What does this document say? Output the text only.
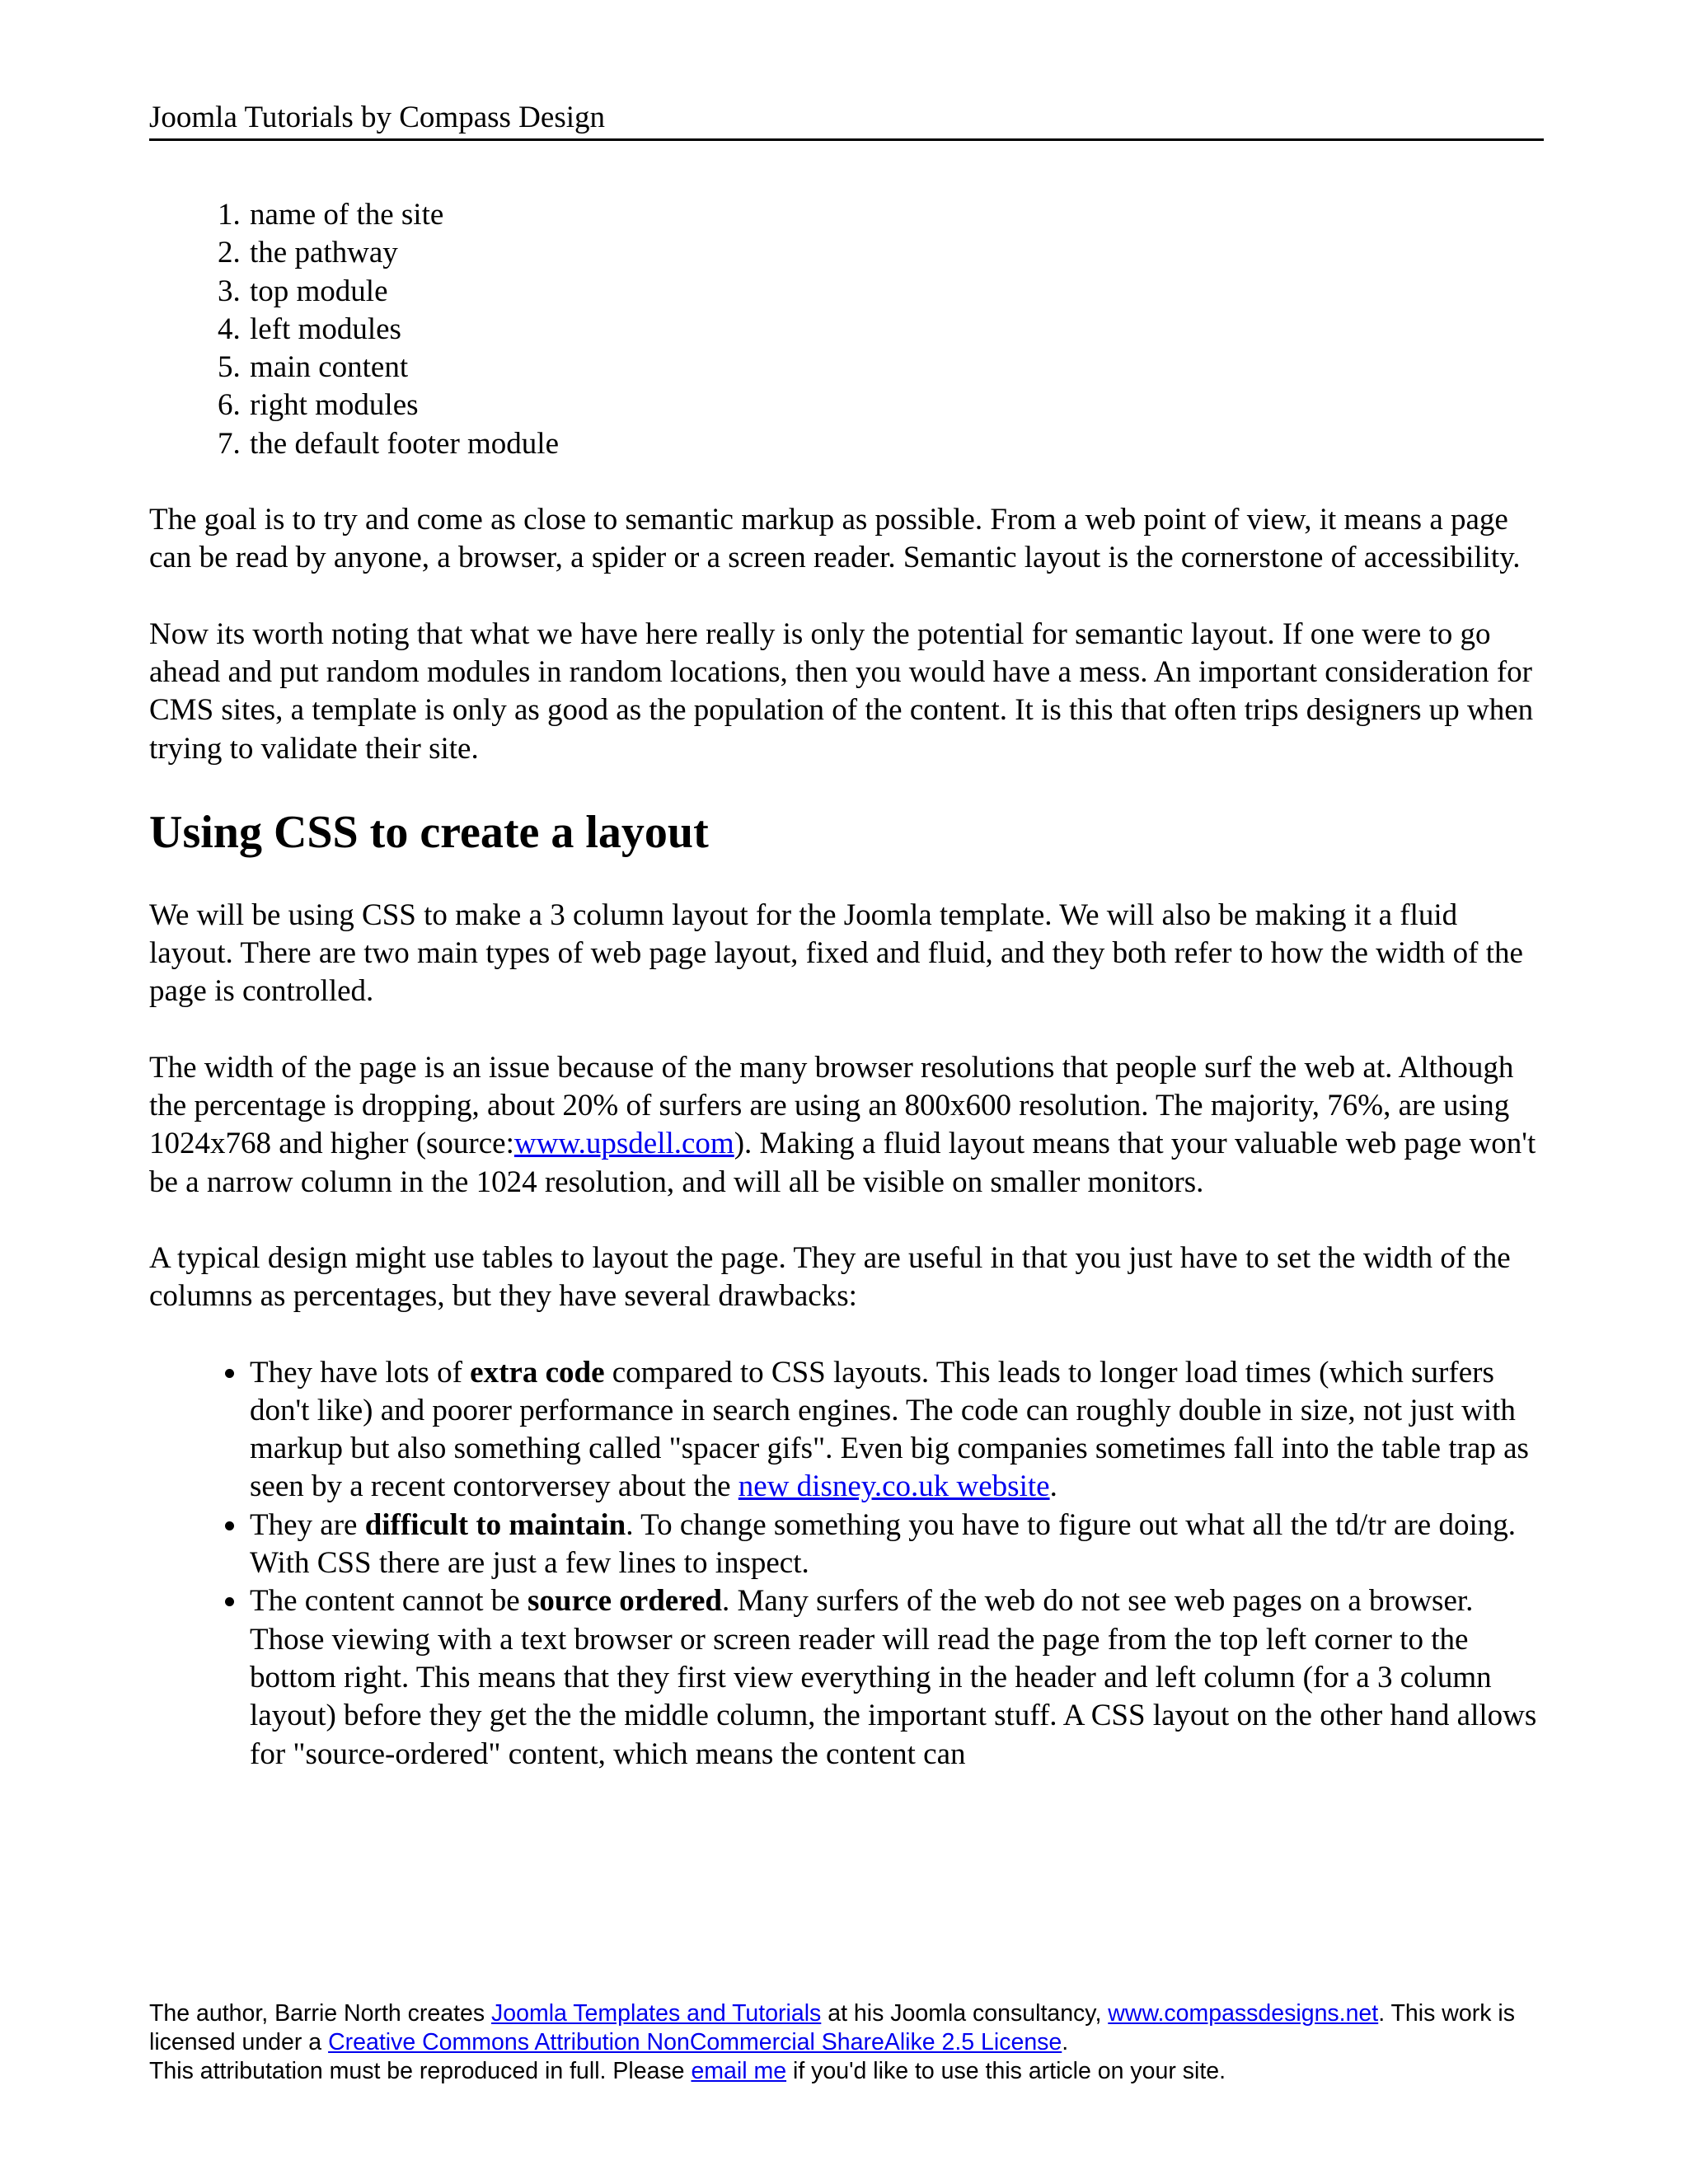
Joomla Tutorials by Compass Design
1. name of the site
2. the pathway
3. top module
4. left modules
5. main content
6. right modules
7. the default footer module

The goal is to try and come as close to semantic markup as possible. From a web point of view, it means a page can be read by anyone, a browser, a spider or a screen reader. Semantic layout is the cornerstone of accessibility.

Now its worth noting that what we have here really is only the potential for semantic layout. If one were to go ahead and put random modules in random locations, then you would have a mess. An important consideration for CMS sites, a template is only as good as the population of the content. It is this that often trips designers up when trying to validate their site.

Using CSS to create a layout

We will be using CSS to make a 3 column layout for the Joomla template. We will also be making it a fluid layout. There are two main types of web page layout, fixed and fluid, and they both refer to how the width of the page is controlled.

The width of the page is an issue because of the many browser resolutions that people surf the web at. Although the percentage is dropping, about 20% of surfers are using an 800x600 resolution. The majority, 76%, are using 1024x768 and higher (source:www.upsdell.com). Making a fluid layout means that your valuable web page won't be a narrow column in the 1024 resolution, and will all be visible on smaller monitors.

A typical design might use tables to layout the page. They are useful in that you just have to set the width of the columns as percentages, but they have several drawbacks:

• They have lots of extra code compared to CSS layouts. This leads to longer load times (which surfers don't like) and poorer performance in search engines. The code can roughly double in size, not just with markup but also something called "spacer gifs". Even big companies sometimes fall into the table trap as seen by a recent contorversey about the new disney.co.uk website.
• They are difficult to maintain. To change something you have to figure out what all the td/tr are doing. With CSS there are just a few lines to inspect.
• The content cannot be source ordered. Many surfers of the web do not see web pages on a browser. Those viewing with a text browser or screen reader will read the page from the top left corner to the bottom right. This means that they first view everything in the header and left column (for a 3 column layout) before they get the the middle column, the important stuff. A CSS layout on the other hand allows for "source-ordered" content, which means the content can
The author, Barrie North creates Joomla Templates and Tutorials at his Joomla consultancy, www.compassdesigns.net. This work is licensed under a Creative Commons Attribution NonCommercial ShareAlike 2.5 License.
This attributation must be reproduced in full. Please email me if you'd like to use this article on your site.
